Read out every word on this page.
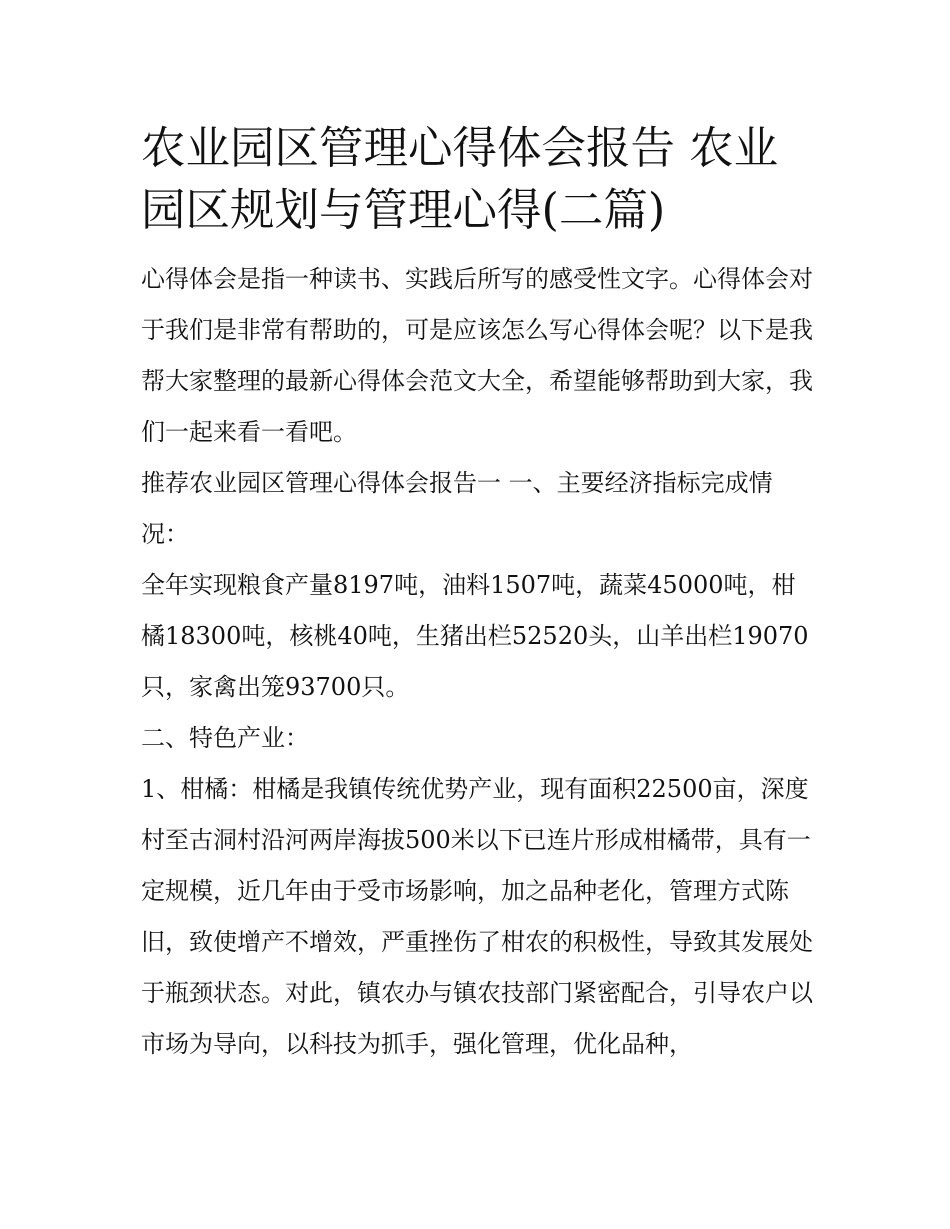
农业园区管理心得体会报告 农业园区规划与管理心得(二篇)

心得体会是指一种读书、实践后所写的感受性文字。心得体会对于我们是非常有帮助的，可是应该怎么写心得体会呢？以下是我帮大家整理的最新心得体会范文大全，希望能够帮助到大家，我们一起来看一看吧。

推荐农业园区管理心得体会报告一 一、主要经济指标完成情况：

全年实现粮食产量8197吨，油料1507吨，蔬菜45000吨，柑橘18300吨，核桃40吨，生猪出栏52520头，山羊出栏19070只，家禽出笼93700只。

二、特色产业：

1、柑橘：柑橘是我镇传统优势产业，现有面积22500亩，深度村至古洞村沿河两岸海拔500米以下已连片形成柑橘带，具有一定规模，近几年由于受市场影响，加之品种老化，管理方式陈旧，致使增产不增效，严重挫伤了柑农的积极性，导致其发展处于瓶颈状态。对此，镇农办与镇农技部门紧密配合，引导农户以市场为导向，以科技为抓手，强化管理，优化品种，
